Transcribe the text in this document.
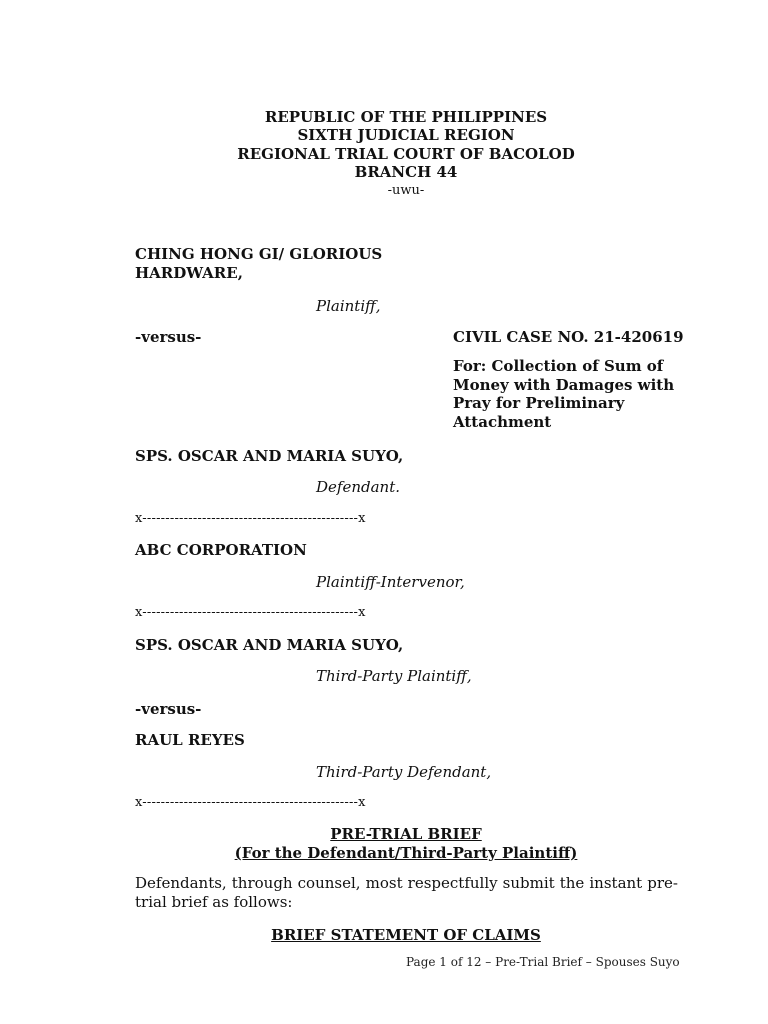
REPUBLIC OF THE PHILIPPINES
SIXTH JUDICIAL REGION
REGIONAL TRIAL COURT OF BACOLOD
BRANCH 44
-uwu-
CHING HONG GI/ GLORIOUS
HARDWARE,
Plaintiff,
-versus-	CIVIL CASE NO. 21-420619
For: Collection of Sum of Money with Damages with Pray for Preliminary Attachment
SPS. OSCAR AND MARIA SUYO,
Defendant.
x-----------------------------------------------x
ABC CORPORATION
Plaintiff-Intervenor,
x-----------------------------------------------x
SPS. OSCAR AND MARIA SUYO,
Third-Party Plaintiff,
-versus-
RAUL REYES
Third-Party Defendant,
x-----------------------------------------------x
PRE-TRIAL BRIEF
(For the Defendant/Third-Party Plaintiff)
Defendants, through counsel, most respectfully submit the instant pre-trial brief as follows:
BRIEF STATEMENT OF CLAIMS
Page 1 of 12 – Pre-Trial Brief – Spouses Suyo
